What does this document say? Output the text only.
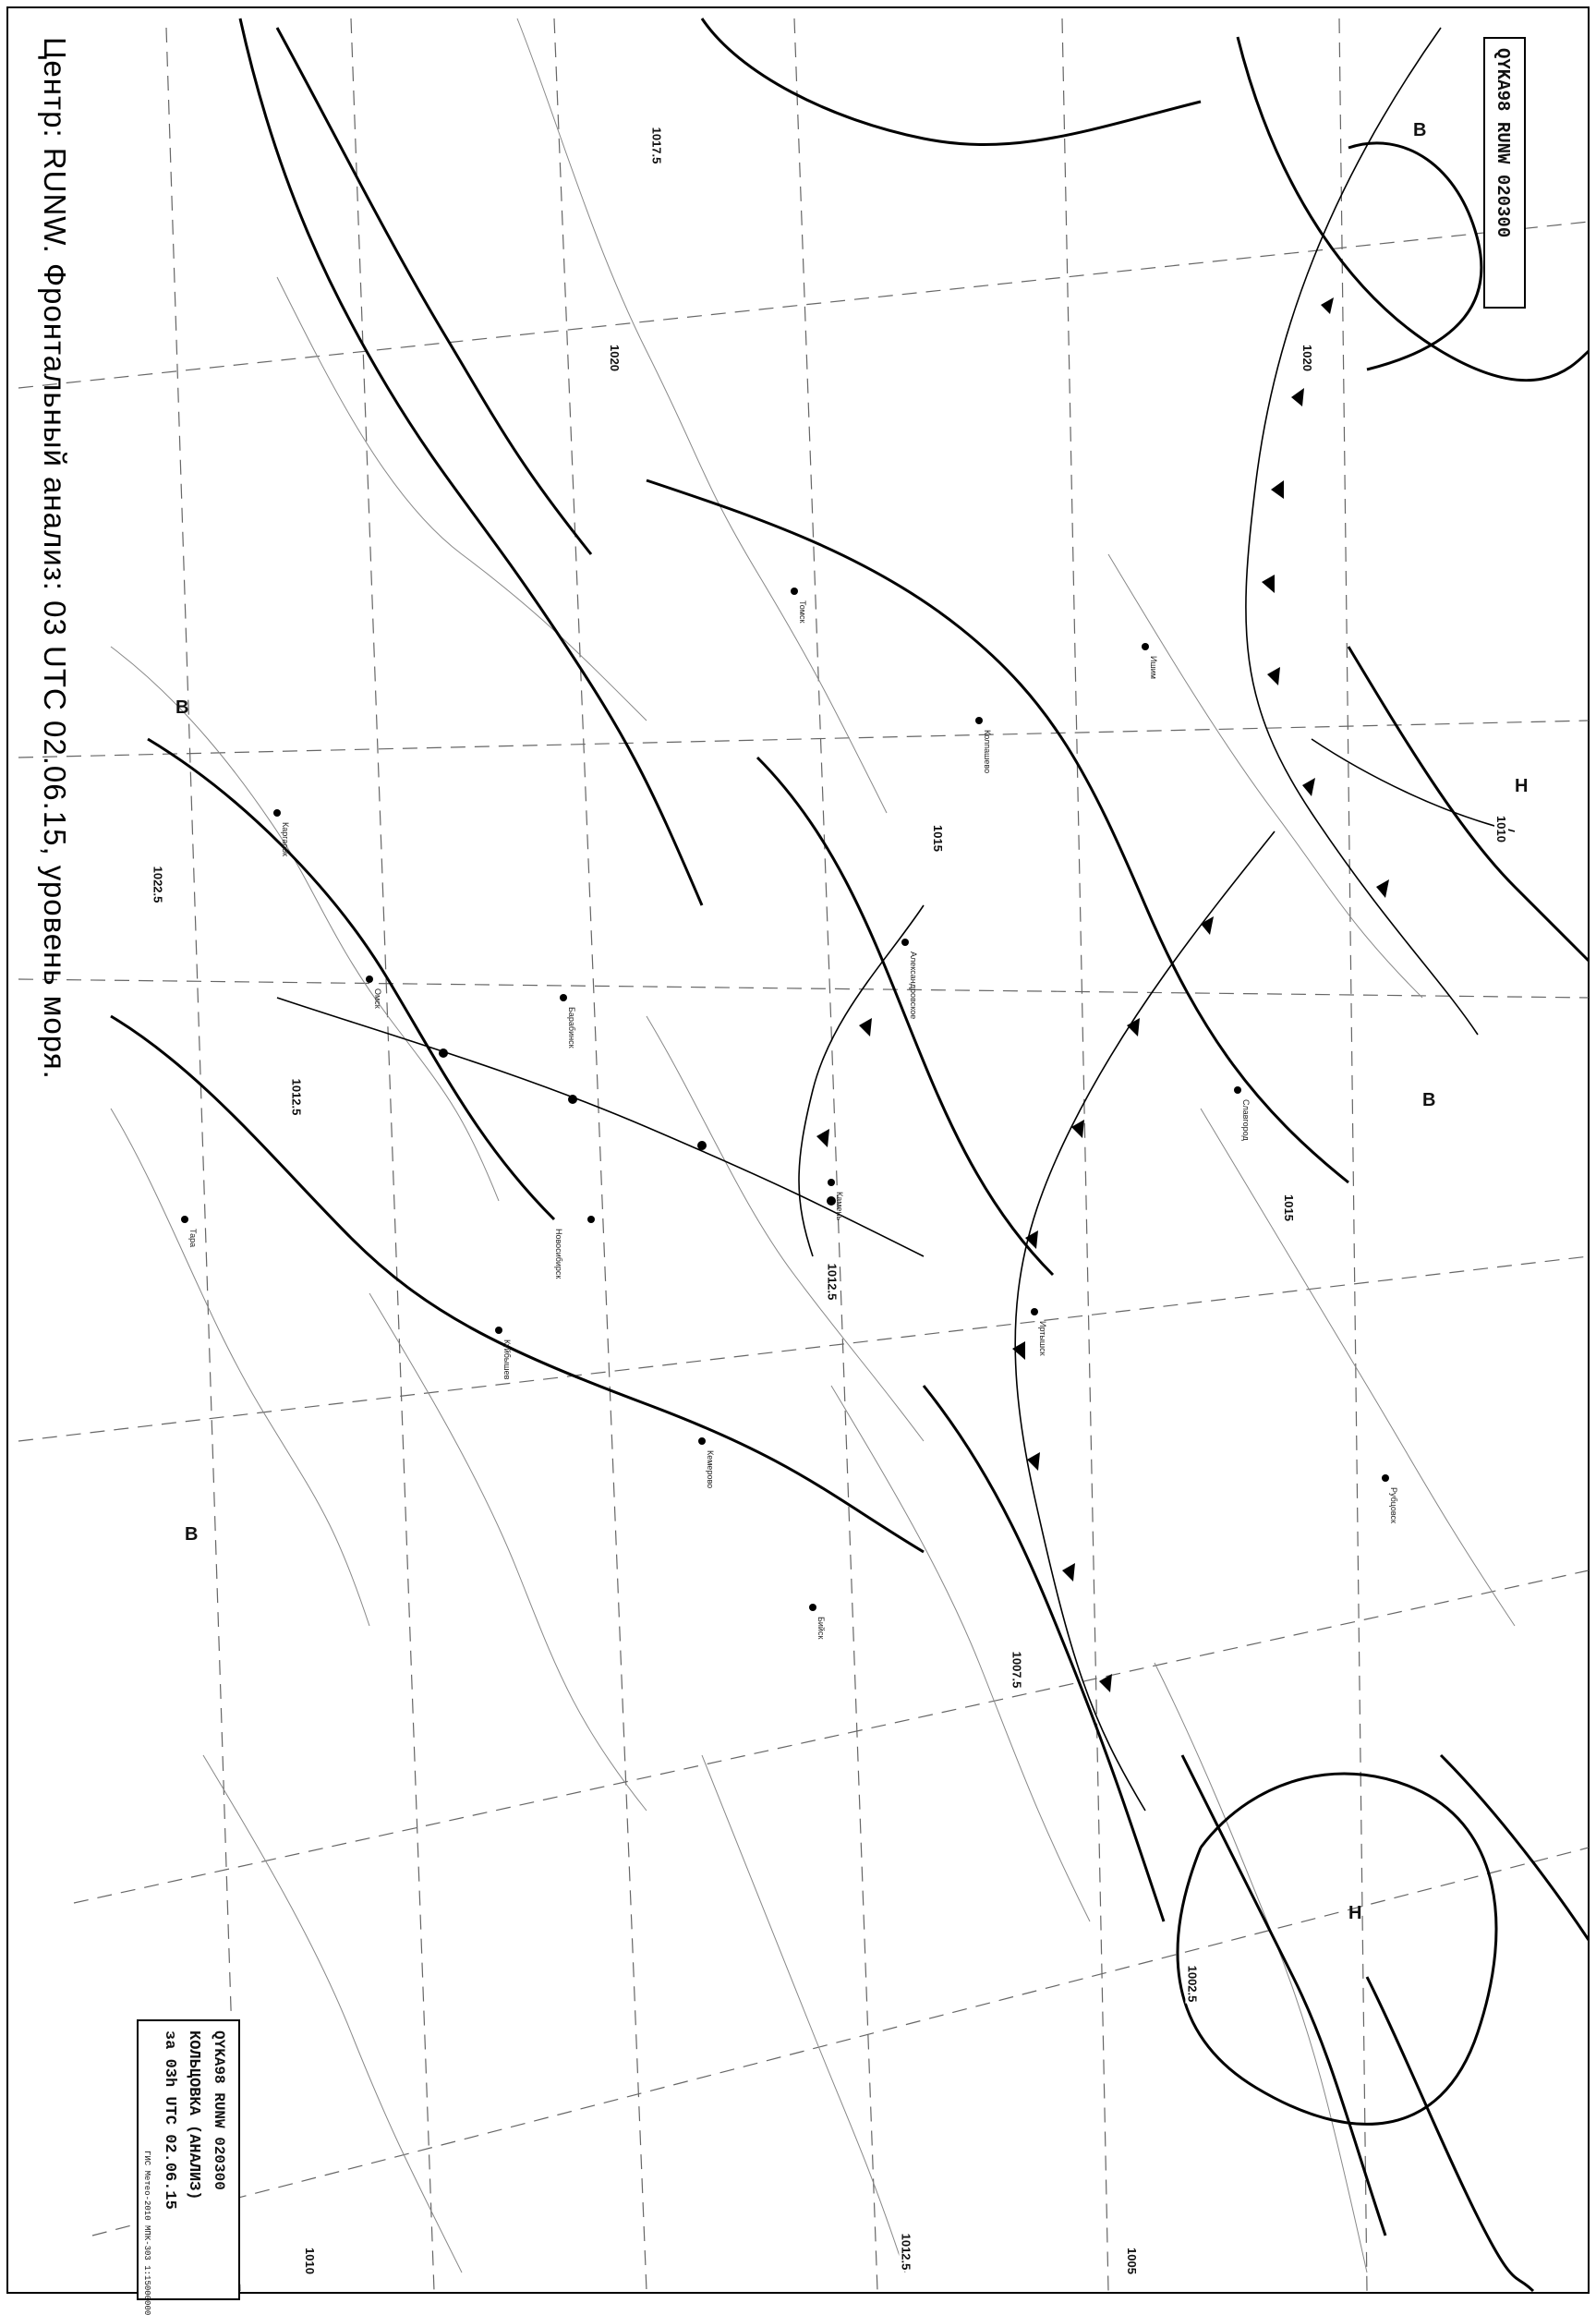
Центр: RUNW. Фронтальный анализ: 03 UTC 02.06.15, уровень моря.	QYKA98 RUNW 020300
QYKA98 RUNW 020300
КОЛЬЦОВКА (АНАЛИЗ)
за 03h UTC 02.06.15
ГИС Метео-2010 МПК-303 1:15000000
1017.5
1020
1022.5
1015
1012.5
1015
1012.5
1010
1007.5
1002.5
1010	1005
1020
1012.5
В
В
В
Н
Н
В
Томск
Новосибирск
Барабинск
Омск
Кемерово
Бийск
Куйбышев
Камень
Колпашево
Александровское
Каргасок
Тара
Ишим
Иртышск
Славгород
Рубцовск
